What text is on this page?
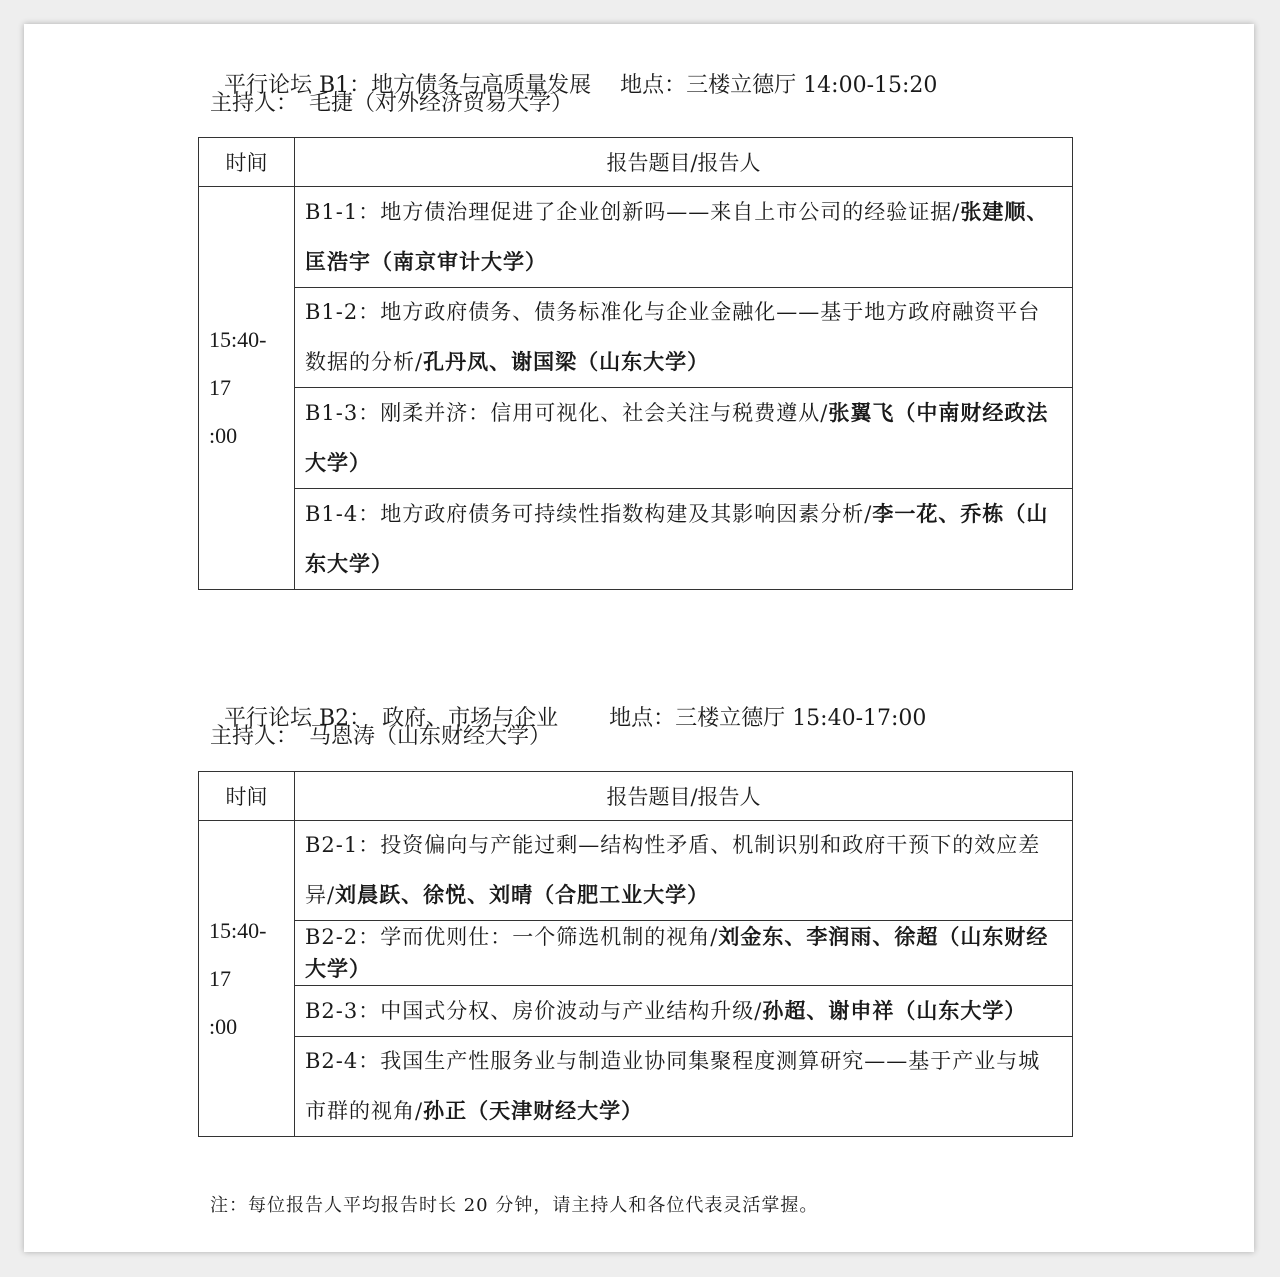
平行论坛 B1：地方债务与高质量发展　 地点：三楼立德厅 14:00-15:20

主持人：　毛捷（对外经济贸易大学）
时间	报告题目/报告人

15:40-17
:00	B1-1：地方债治理促进了企业创新吗——来自上市公司的经验证据/张建顺、匡浩宇（南京审计大学）
	B1-2：地方政府债务、债务标准化与企业金融化——基于地方政府融资平台数据的分析/孔丹凤、谢国梁（山东大学）
	B1-3：刚柔并济：信用可视化、社会关注与税费遵从/张翼飞（中南财经政法大学）
	B1-4：地方政府债务可持续性指数构建及其影响因素分析/李一花、乔栋（山东大学）

平行论坛 B2：　政府、市场与企业　 　 地点：三楼立德厅 15:40-17:00

主持人：　马恩涛（山东财经大学）
时间	报告题目/报告人

15:40-17
:00	B2-1：投资偏向与产能过剩—结构性矛盾、机制识别和政府干预下的效应差异/刘晨跃、徐悦、刘晴（合肥工业大学）
	B2-2：学而优则仕：一个筛选机制的视角/刘金东、李润雨、徐超（山东财经大学）
	B2-3：中国式分权、房价波动与产业结构升级/孙超、谢申祥（山东大学）
	B2-4：我国生产性服务业与制造业协同集聚程度测算研究——基于产业与城市群的视角/孙正（天津财经大学）
注：每位报告人平均报告时长 20 分钟，请主持人和各位代表灵活掌握。
